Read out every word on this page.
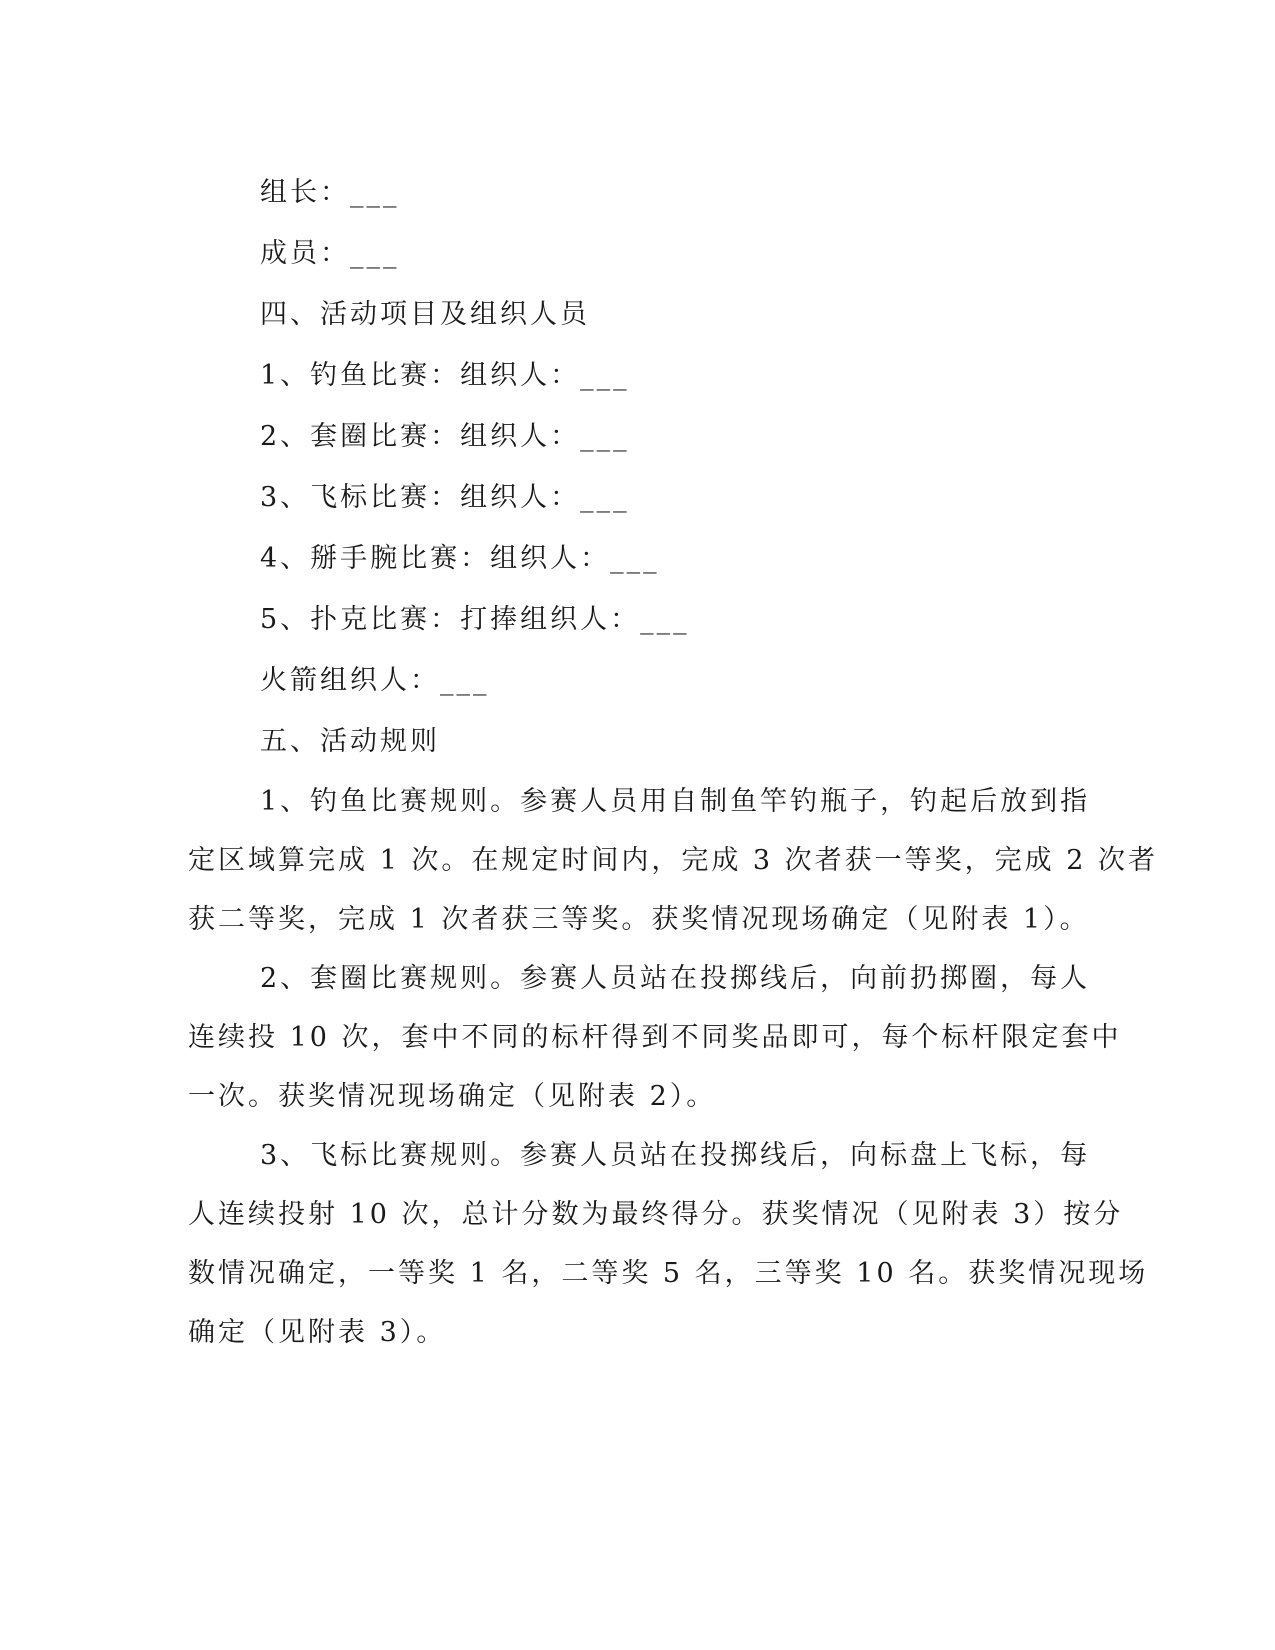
组长：___
成员：___
四、活动项目及组织人员
1、钓鱼比赛：组织人：___
2、套圈比赛：组织人：___
3、飞标比赛：组织人：___
4、掰手腕比赛：组织人：___
5、扑克比赛：打捧组织人：___
火箭组织人：___
五、活动规则
1、钓鱼比赛规则。参赛人员用自制鱼竿钓瓶子，钓起后放到指
定区域算完成 1 次。在规定时间内，完成 3 次者获一等奖，完成 2 次者
获二等奖，完成 1 次者获三等奖。获奖情况现场确定（见附表 1）。
2、套圈比赛规则。参赛人员站在投掷线后，向前扔掷圈，每人
连续投 10 次，套中不同的标杆得到不同奖品即可，每个标杆限定套中
一次。获奖情况现场确定（见附表 2）。
3、飞标比赛规则。参赛人员站在投掷线后，向标盘上飞标，每
人连续投射 10 次，总计分数为最终得分。获奖情况（见附表 3）按分
数情况确定，一等奖 1 名，二等奖 5 名，三等奖 10 名。获奖情况现场
确定（见附表 3）。
